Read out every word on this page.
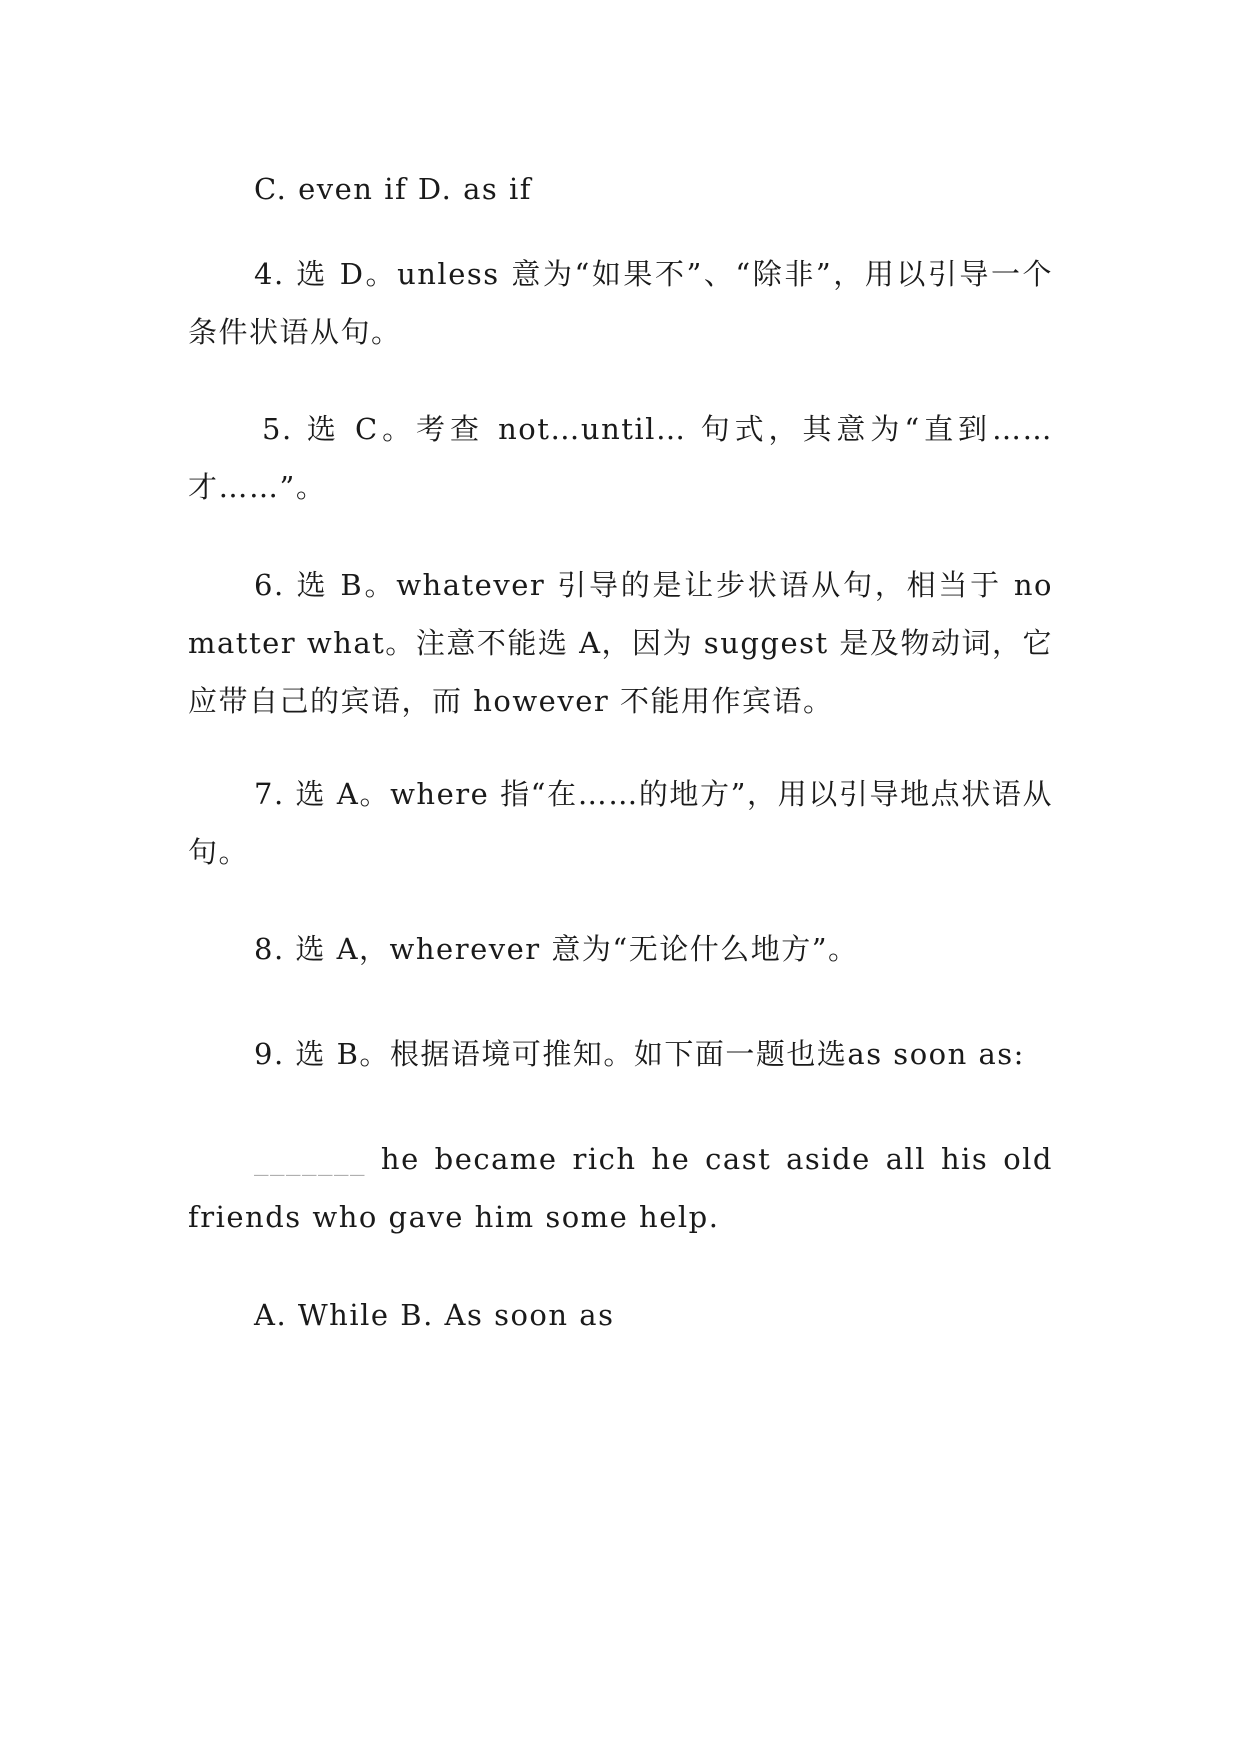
C. even if D. as if

4. 选 D。unless 意为“如果不”、“除非”，用以引导一个条件状语从句。

5. 选 C。考查 not…until… 句式，其意为“直到……才……”。

6. 选 B。whatever 引导的是让步状语从句，相当于 no matter what。注意不能选 A，因为 suggest 是及物动词，它应带自己的宾语，而 however 不能用作宾语。

7. 选 A。where 指“在……的地方”，用以引导地点状语从句。

8. 选 A，wherever 意为“无论什么地方”。

9. 选 B。根据语境可推知。如下面一题也选as soon as:

_______ he became rich he cast aside all his old friends who gave him some help.

A. While B. As soon as
